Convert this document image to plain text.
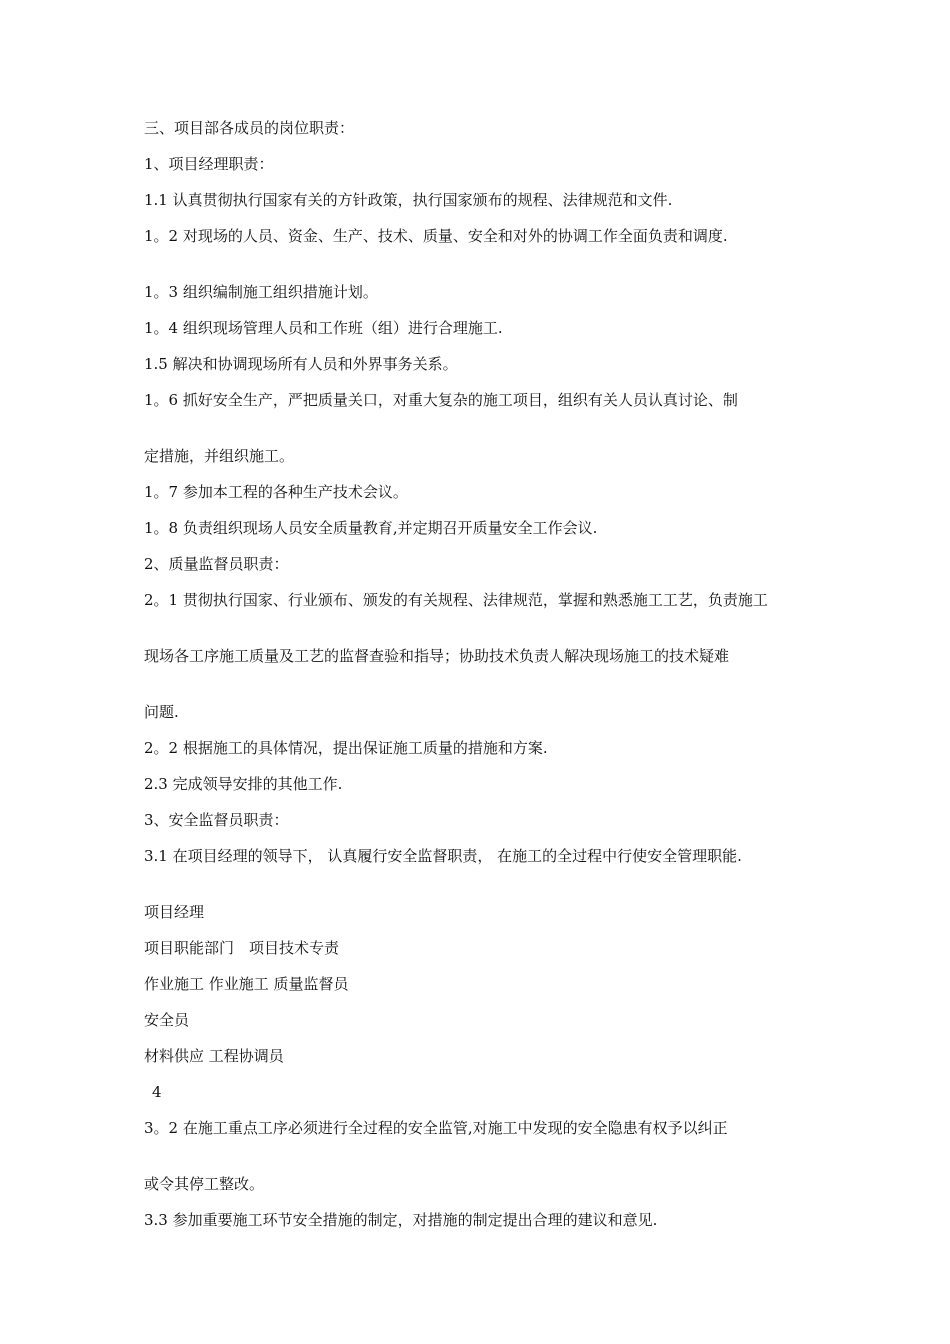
三、项目部各成员的岗位职责：

1、项目经理职责：

1.1 认真贯彻执行国家有关的方针政策，执行国家颁布的规程、法律规范和文件.

1。2 对现场的人员、资金、生产、技术、质量、安全和对外的协调工作全面负责和调度.

1。3 组织编制施工组织措施计划。

1。4 组织现场管理人员和工作班（组）进行合理施工.

1.5 解决和协调现场所有人员和外界事务关系。

1。6 抓好安全生产，严把质量关口，对重大复杂的施工项目，组织有关人员认真讨论、制

定措施，并组织施工。

1。7 参加本工程的各种生产技术会议。

1。8 负责组织现场人员安全质量教育,并定期召开质量安全工作会议.

2、质量监督员职责：

2。1 贯彻执行国家、行业颁布、颁发的有关规程、法律规范，掌握和熟悉施工工艺，负责施工

现场各工序施工质量及工艺的监督查验和指导；协助技术负责人解决现场施工的技术疑难

问题.

2。2 根据施工的具体情况，提出保证施工质量的措施和方案.

2.3 完成领导安排的其他工作.

3、安全监督员职责：

3.1 在项目经理的领导下， 认真履行安全监督职责， 在施工的全过程中行使安全管理职能.

项目经理

项目职能部门　项目技术专责

作业施工 作业施工 质量监督员

安全员

材料供应 工程协调员

4

3。2 在施工重点工序必须进行全过程的安全监管,对施工中发现的安全隐患有权予以纠正

或令其停工整改。

3.3 参加重要施工环节安全措施的制定，对措施的制定提出合理的建议和意见.
